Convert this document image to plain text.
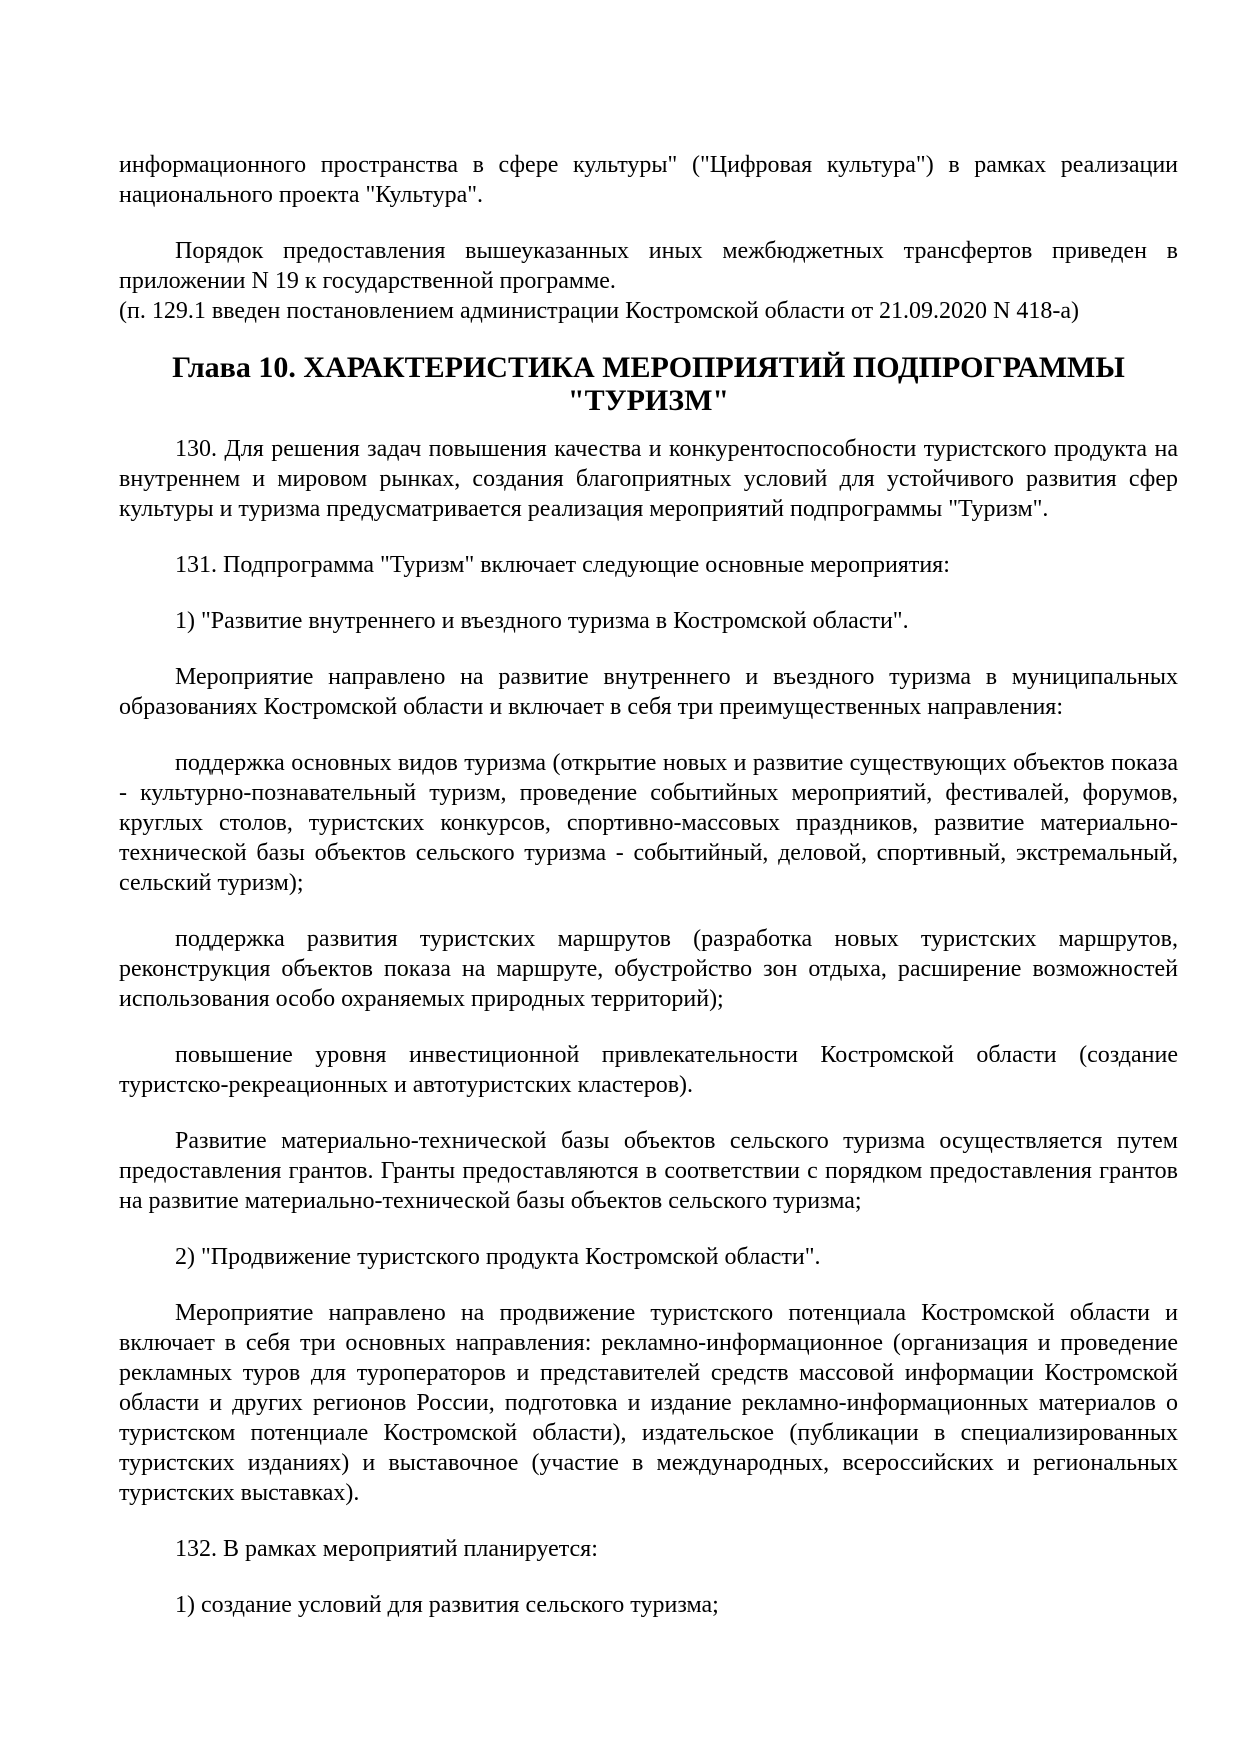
информационного пространства в сфере культуры" ("Цифровая культура") в рамках реализации национального проекта "Культура".

Порядок предоставления вышеуказанных иных межбюджетных трансфертов приведен в приложении N 19 к государственной программе.

(п. 129.1 введен постановлением администрации Костромской области от 21.09.2020 N 418-а)

Глава 10. ХАРАКТЕРИСТИКА МЕРОПРИЯТИЙ ПОДПРОГРАММЫ
"ТУРИЗМ"

130. Для решения задач повышения качества и конкурентоспособности туристского продукта на внутреннем и мировом рынках, создания благоприятных условий для устойчивого развития сфер культуры и туризма предусматривается реализация мероприятий подпрограммы "Туризм".

131. Подпрограмма "Туризм" включает следующие основные мероприятия:

1) "Развитие внутреннего и въездного туризма в Костромской области".

Мероприятие направлено на развитие внутреннего и въездного туризма в муниципальных образованиях Костромской области и включает в себя три преимущественных направления:

поддержка основных видов туризма (открытие новых и развитие существующих объектов показа - культурно-познавательный туризм, проведение событийных мероприятий, фестивалей, форумов, круглых столов, туристских конкурсов, спортивно-массовых праздников, развитие материально-технической базы объектов сельского туризма - событийный, деловой, спортивный, экстремальный, сельский туризм);

поддержка развития туристских маршрутов (разработка новых туристских маршрутов, реконструкция объектов показа на маршруте, обустройство зон отдыха, расширение возможностей использования особо охраняемых природных территорий);

повышение уровня инвестиционной привлекательности Костромской области (создание туристско-рекреационных и автотуристских кластеров).

Развитие материально-технической базы объектов сельского туризма осуществляется путем предоставления грантов. Гранты предоставляются в соответствии с порядком предоставления грантов на развитие материально-технической базы объектов сельского туризма;

2) "Продвижение туристского продукта Костромской области".

Мероприятие направлено на продвижение туристского потенциала Костромской области и включает в себя три основных направления: рекламно-информационное (организация и проведение рекламных туров для туроператоров и представителей средств массовой информации Костромской области и других регионов России, подготовка и издание рекламно-информационных материалов о туристском потенциале Костромской области), издательское (публикации в специализированных туристских изданиях) и выставочное (участие в международных, всероссийских и региональных туристских выставках).

132. В рамках мероприятий планируется:

1) создание условий для развития сельского туризма;
